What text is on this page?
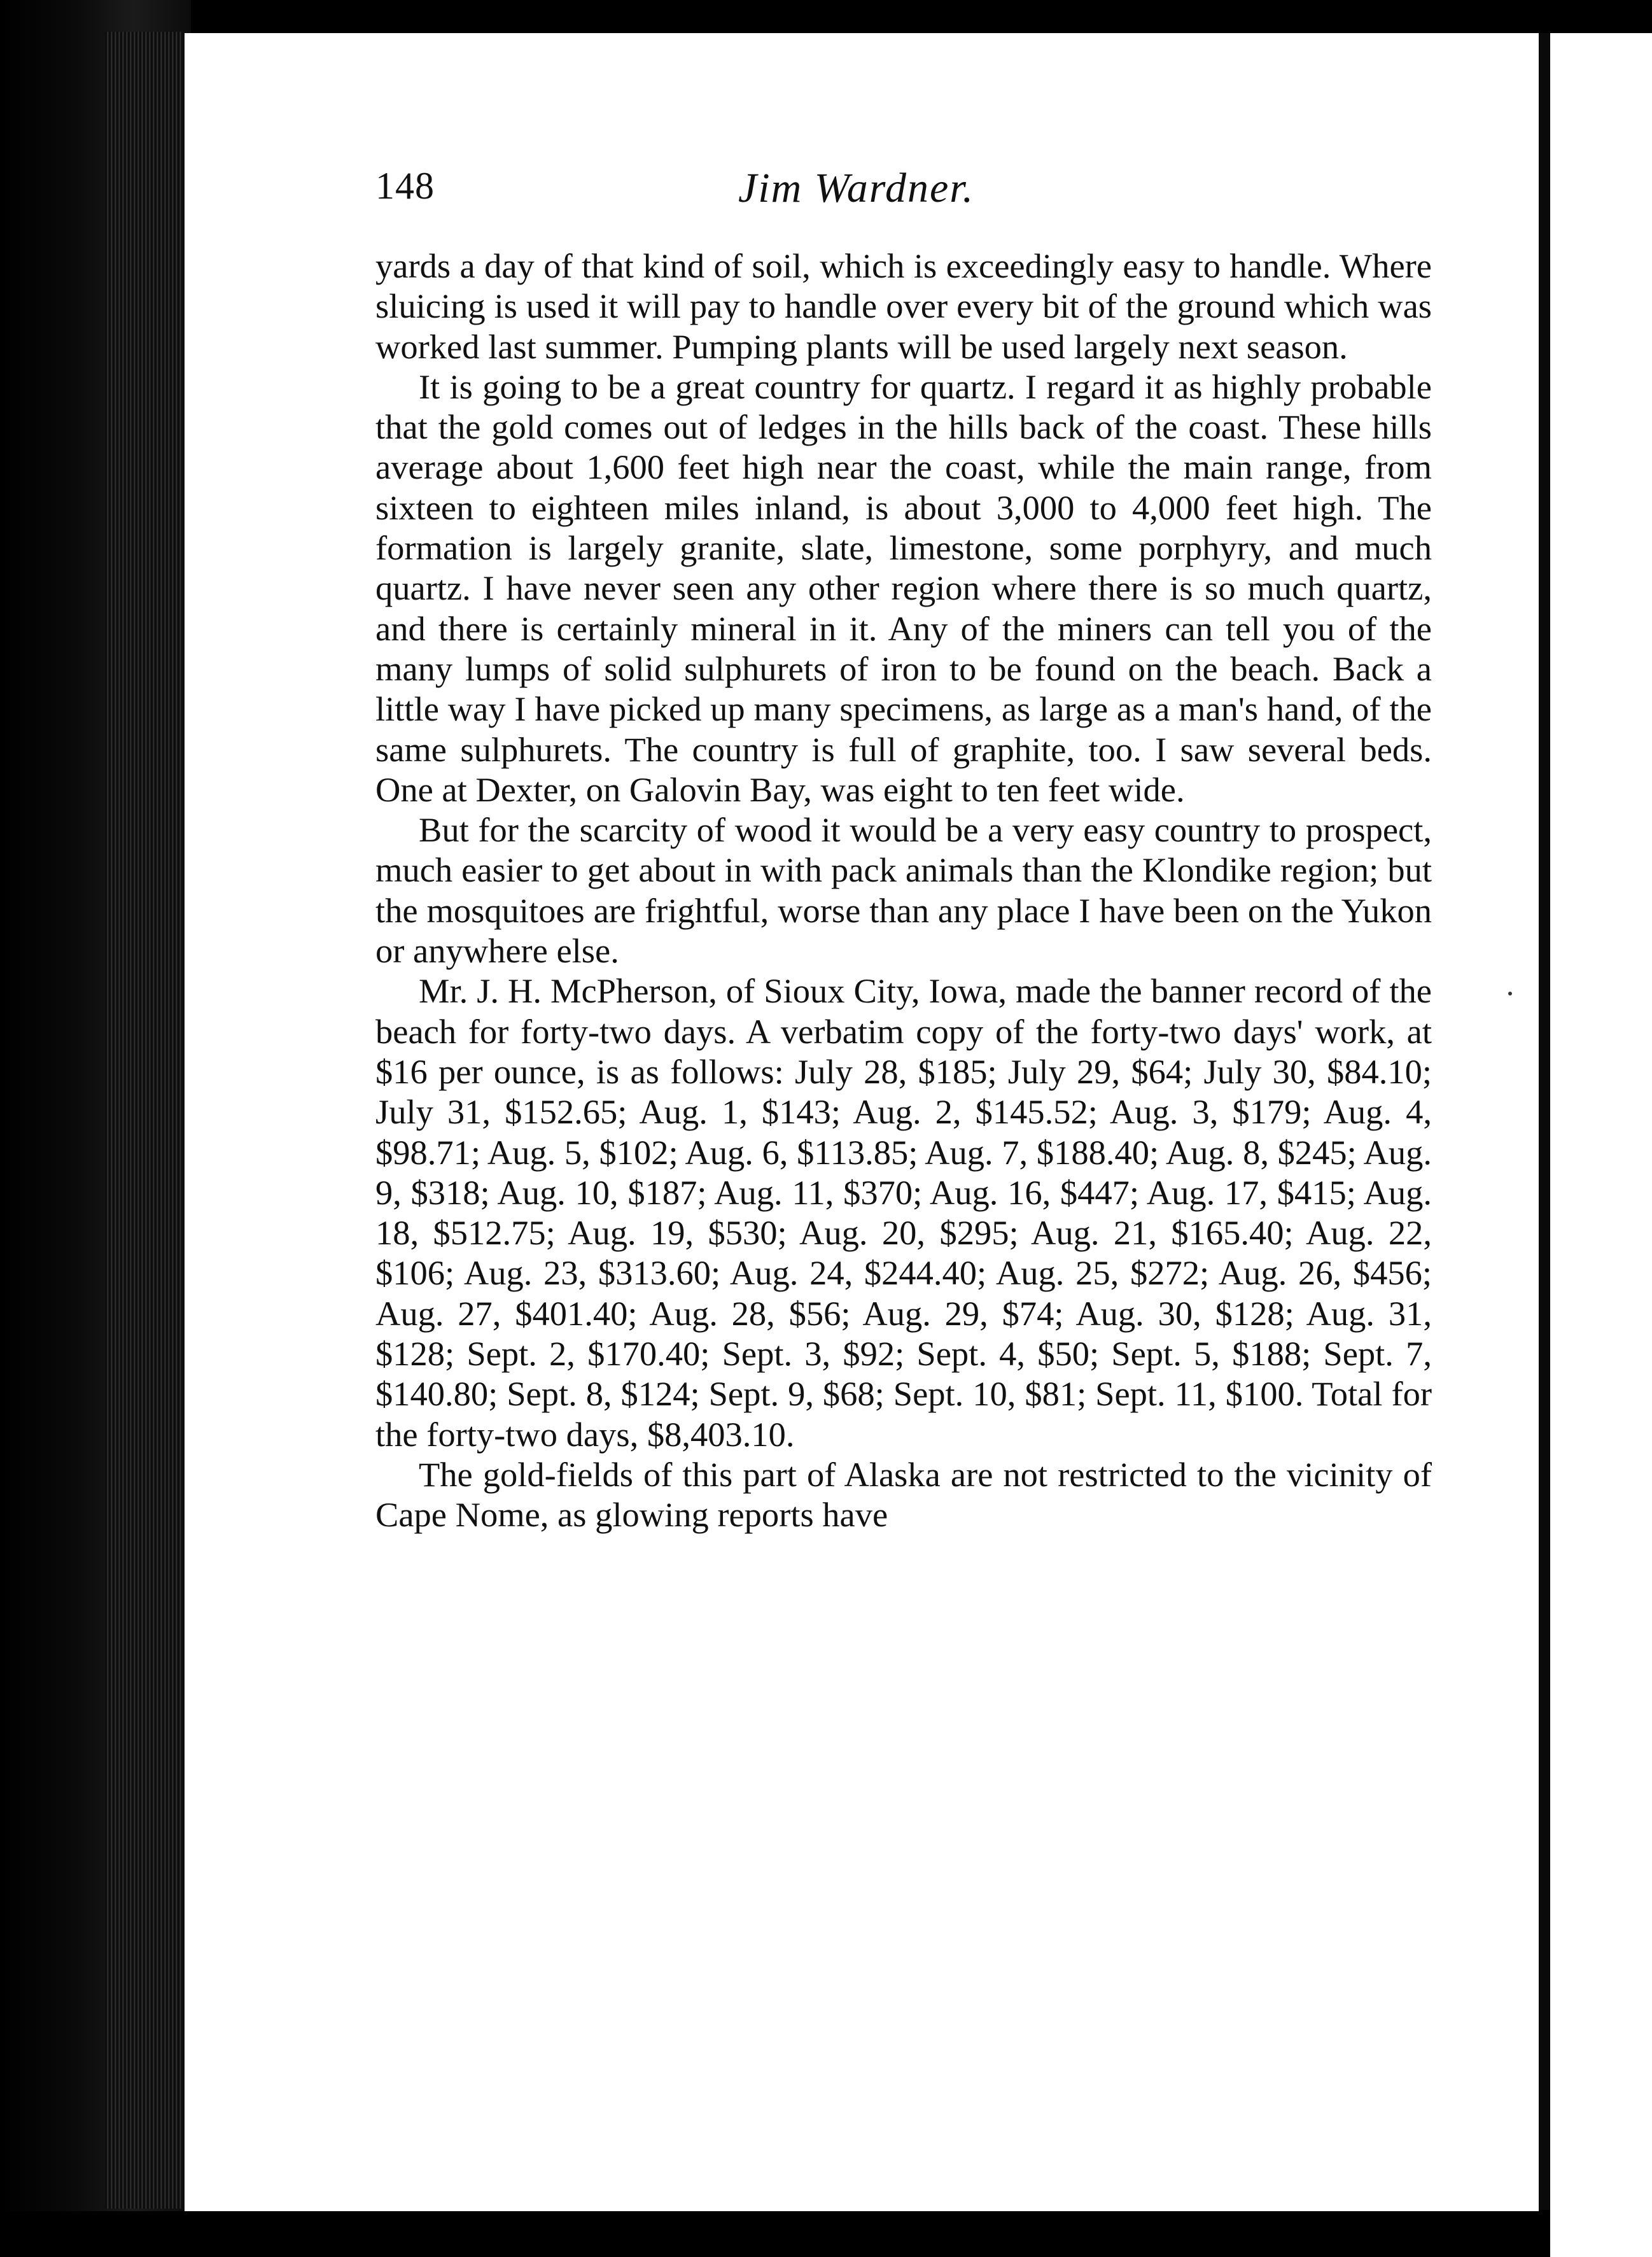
148	Jim Wardner.

yards a day of that kind of soil, which is exceedingly easy to handle. Where sluicing is used it will pay to handle over every bit of the ground which was worked last summer. Pumping plants will be used largely next season.

It is going to be a great country for quartz. I regard it as highly probable that the gold comes out of ledges in the hills back of the coast. These hills average about 1,600 feet high near the coast, while the main range, from sixteen to eighteen miles inland, is about 3,000 to 4,000 feet high. The formation is largely granite, slate, limestone, some porphyry, and much quartz. I have never seen any other region where there is so much quartz, and there is certainly mineral in it. Any of the miners can tell you of the many lumps of solid sulphurets of iron to be found on the beach. Back a little way I have picked up many specimens, as large as a man's hand, of the same sulphurets. The country is full of graphite, too. I saw several beds. One at Dexter, on Galovin Bay, was eight to ten feet wide.

But for the scarcity of wood it would be a very easy country to prospect, much easier to get about in with pack animals than the Klondike region; but the mosquitoes are frightful, worse than any place I have been on the Yukon or anywhere else.

Mr. J. H. McPherson, of Sioux City, Iowa, made the banner record of the beach for forty-two days. A verbatim copy of the forty-two days' work, at $16 per ounce, is as follows: July 28, $185; July 29, $64; July 30, $84.10; July 31, $152.65; Aug. 1, $143; Aug. 2, $145.52; Aug. 3, $179; Aug. 4, $98.71; Aug. 5, $102; Aug. 6, $113.85; Aug. 7, $188.40; Aug. 8, $245; Aug. 9, $318; Aug. 10, $187; Aug. 11, $370; Aug. 16, $447; Aug. 17, $415; Aug. 18, $512.75; Aug. 19, $530; Aug. 20, $295; Aug. 21, $165.40; Aug. 22, $106; Aug. 23, $313.60; Aug. 24, $244.40; Aug. 25, $272; Aug. 26, $456; Aug. 27, $401.40; Aug. 28, $56; Aug. 29, $74; Aug. 30, $128; Aug. 31, $128; Sept. 2, $170.40; Sept. 3, $92; Sept. 4, $50; Sept. 5, $188; Sept. 7, $140.80; Sept. 8, $124; Sept. 9, $68; Sept. 10, $81; Sept. 11, $100. Total for the forty-two days, $8,403.10.

The gold-fields of this part of Alaska are not restricted to the vicinity of Cape Nome, as glowing reports have
